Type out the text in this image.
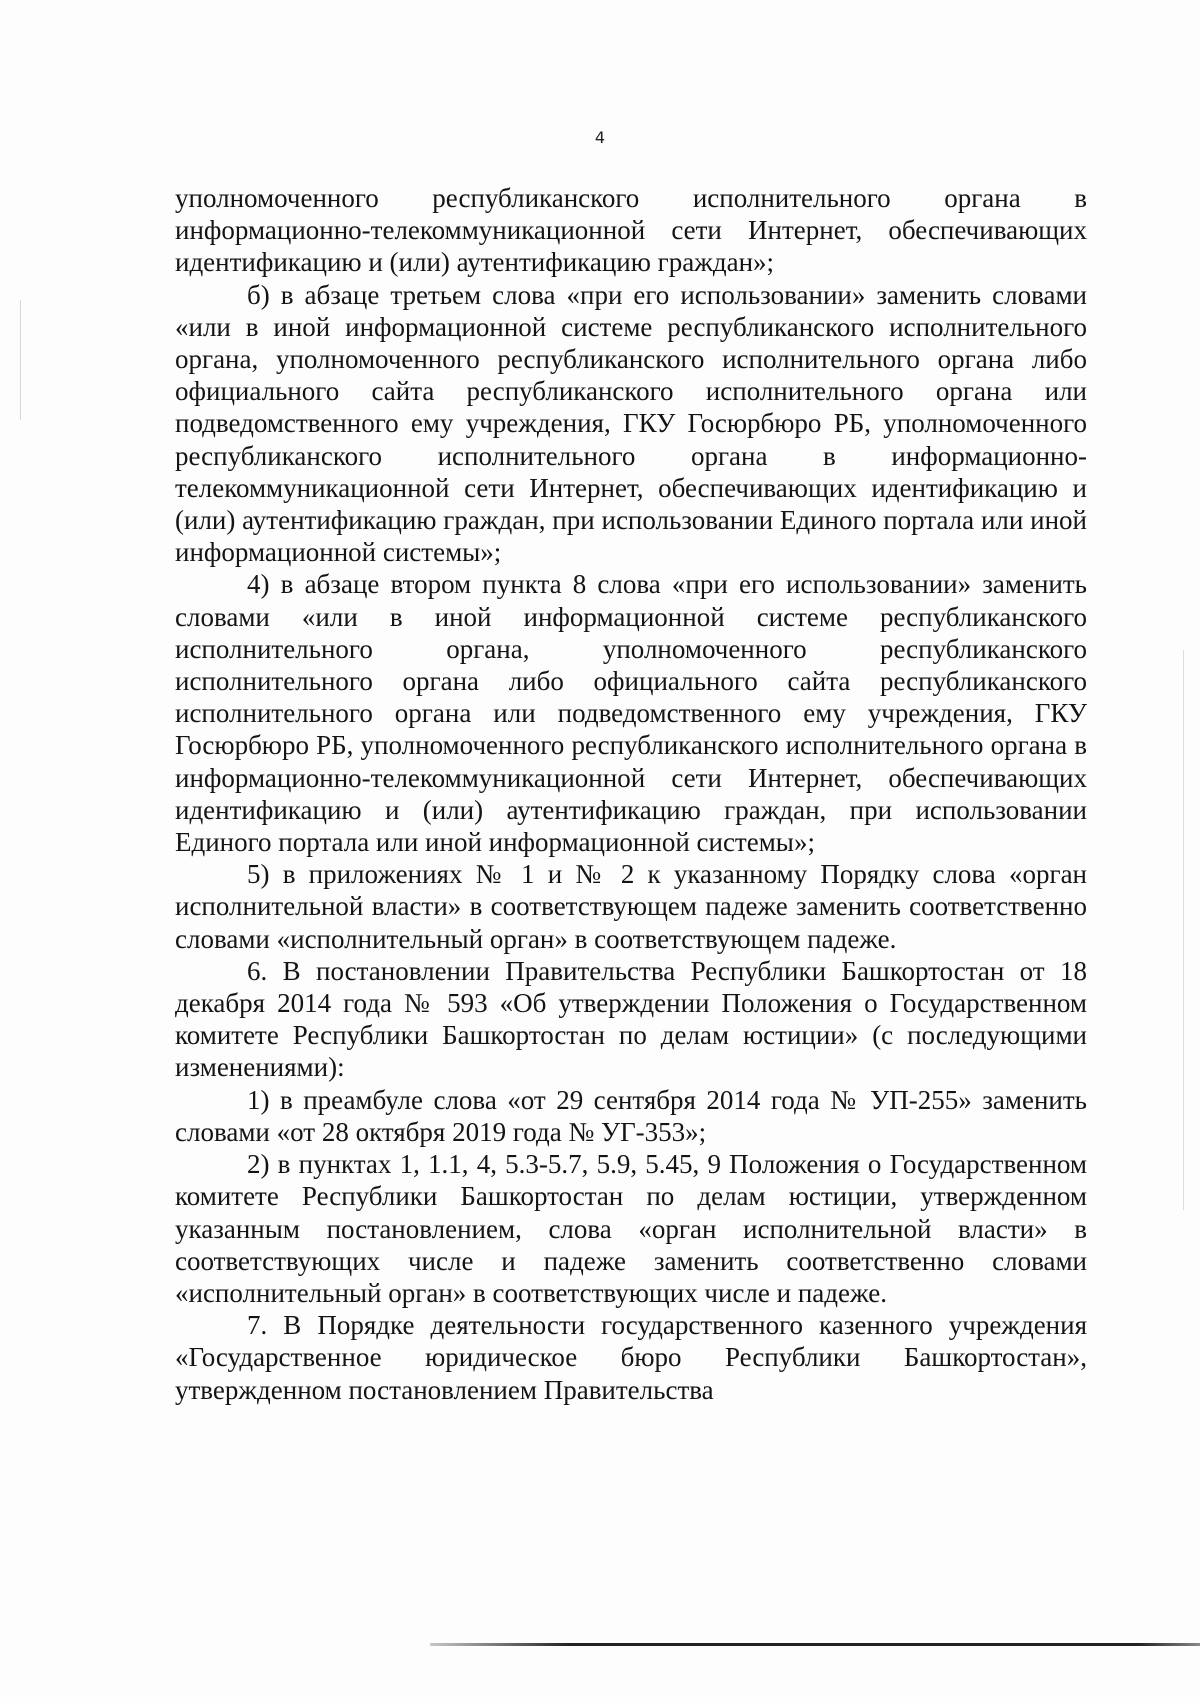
4

уполномоченного республиканского исполнительного органа в информационно-телекоммуникационной сети Интернет, обеспечивающих идентификацию и (или) аутентификацию граждан»;

б) в абзаце третьем слова «при его использовании» заменить словами «или в иной информационной системе республиканского исполнительного органа, уполномоченного республиканского исполнительного органа либо официального сайта республиканского исполнительного органа или подведомственного ему учреждения, ГКУ Госюрбюро РБ, уполномоченного республиканского исполнительного органа в информационно-телекоммуникационной сети Интернет, обеспечивающих идентификацию и (или) аутентификацию граждан, при использовании Единого портала или иной информационной системы»;

4) в абзаце втором пункта 8 слова «при его использовании» заменить словами «или в иной информационной системе республиканского исполнительного органа, уполномоченного республиканского исполнительного органа либо официального сайта республиканского исполнительного органа или подведомственного ему учреждения, ГКУ Госюрбюро РБ, уполномоченного республиканского исполнительного органа в информационно-телекоммуникационной сети Интернет, обеспечивающих идентификацию и (или) аутентификацию граждан, при использовании Единого портала или иной информационной системы»;

5) в приложениях № 1 и № 2 к указанному Порядку слова «орган исполнительной власти» в соответствующем падеже заменить соответственно словами «исполнительный орган» в соответствующем падеже.

6. В постановлении Правительства Республики Башкортостан от 18 декабря 2014 года № 593 «Об утверждении Положения о Государственном комитете Республики Башкортостан по делам юстиции» (с последующими изменениями):

1) в преамбуле слова «от 29 сентября 2014 года № УП-255» заменить словами «от 28 октября 2019 года № УГ-353»;

2) в пунктах 1, 1.1, 4, 5.3-5.7, 5.9, 5.45, 9 Положения о Государственном комитете Республики Башкортостан по делам юстиции, утвержденном указанным постановлением, слова «орган исполнительной власти» в соответствующих числе и падеже заменить соответственно словами «исполнительный орган» в соответствующих числе и падеже.

7. В Порядке деятельности государственного казенного учреждения «Государственное юридическое бюро Республики Башкортостан», утвержденном постановлением Правительства
